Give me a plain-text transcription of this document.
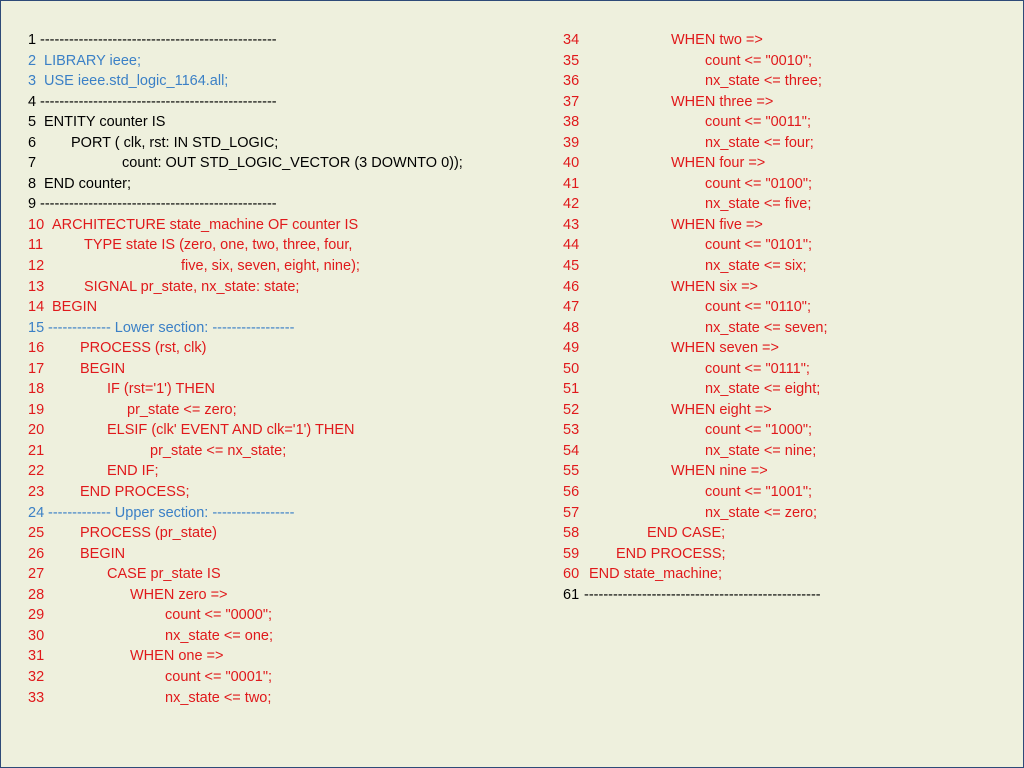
1 -------------------------------------------------
2 LIBRARY ieee;
3 USE ieee.std_logic_1164.all;
4 -------------------------------------------------
5 ENTITY counter IS
6 PORT ( clk, rst: IN STD_LOGIC;
7	count: OUT STD_LOGIC_VECTOR (3 DOWNTO 0));
8 END counter;
9 -------------------------------------------------
10 ARCHITECTURE state_machine OF counter IS
11	TYPE state IS (zero, one, two, three, four,
12	five, six, seven, eight, nine);
13	SIGNAL pr_state, nx_state: state;
14 BEGIN
15 ------------- Lower section: -----------------
16 PROCESS (rst, clk)
17 BEGIN
18	IF (rst='1') THEN
19	pr_state <= zero;
20	ELSIF (clk' EVENT AND clk='1') THEN
21	pr_state <= nx_state;
22	END IF;
23 END PROCESS;
24 ------------- Upper section: -----------------
25 PROCESS (pr_state)
26 BEGIN
27	CASE pr_state IS
28	WHEN zero =>
29	count <= "0000";
30	nx_state <= one;
31	WHEN one =>
32	count <= "0001";
33	nx_state <= two;
34	WHEN two =>
35	count <= "0010";
36	nx_state <= three;
37	WHEN three =>
38	count <= "0011";
39	nx_state <= four;
40	WHEN four =>
41	count <= "0100";
42	nx_state <= five;
43	WHEN five =>
44	count <= "0101";
45	nx_state <= six;
46	WHEN six =>
47	count <= "0110";
48	nx_state <= seven;
49	WHEN seven =>
50	count <= "0111";
51	nx_state <= eight;
52	WHEN eight =>
53	count <= "1000";
54	nx_state <= nine;
55	WHEN nine =>
56	count <= "1001";
57	nx_state <= zero;
58	END CASE;
59	END PROCESS;
60 END state_machine;
61 -------------------------------------------------
